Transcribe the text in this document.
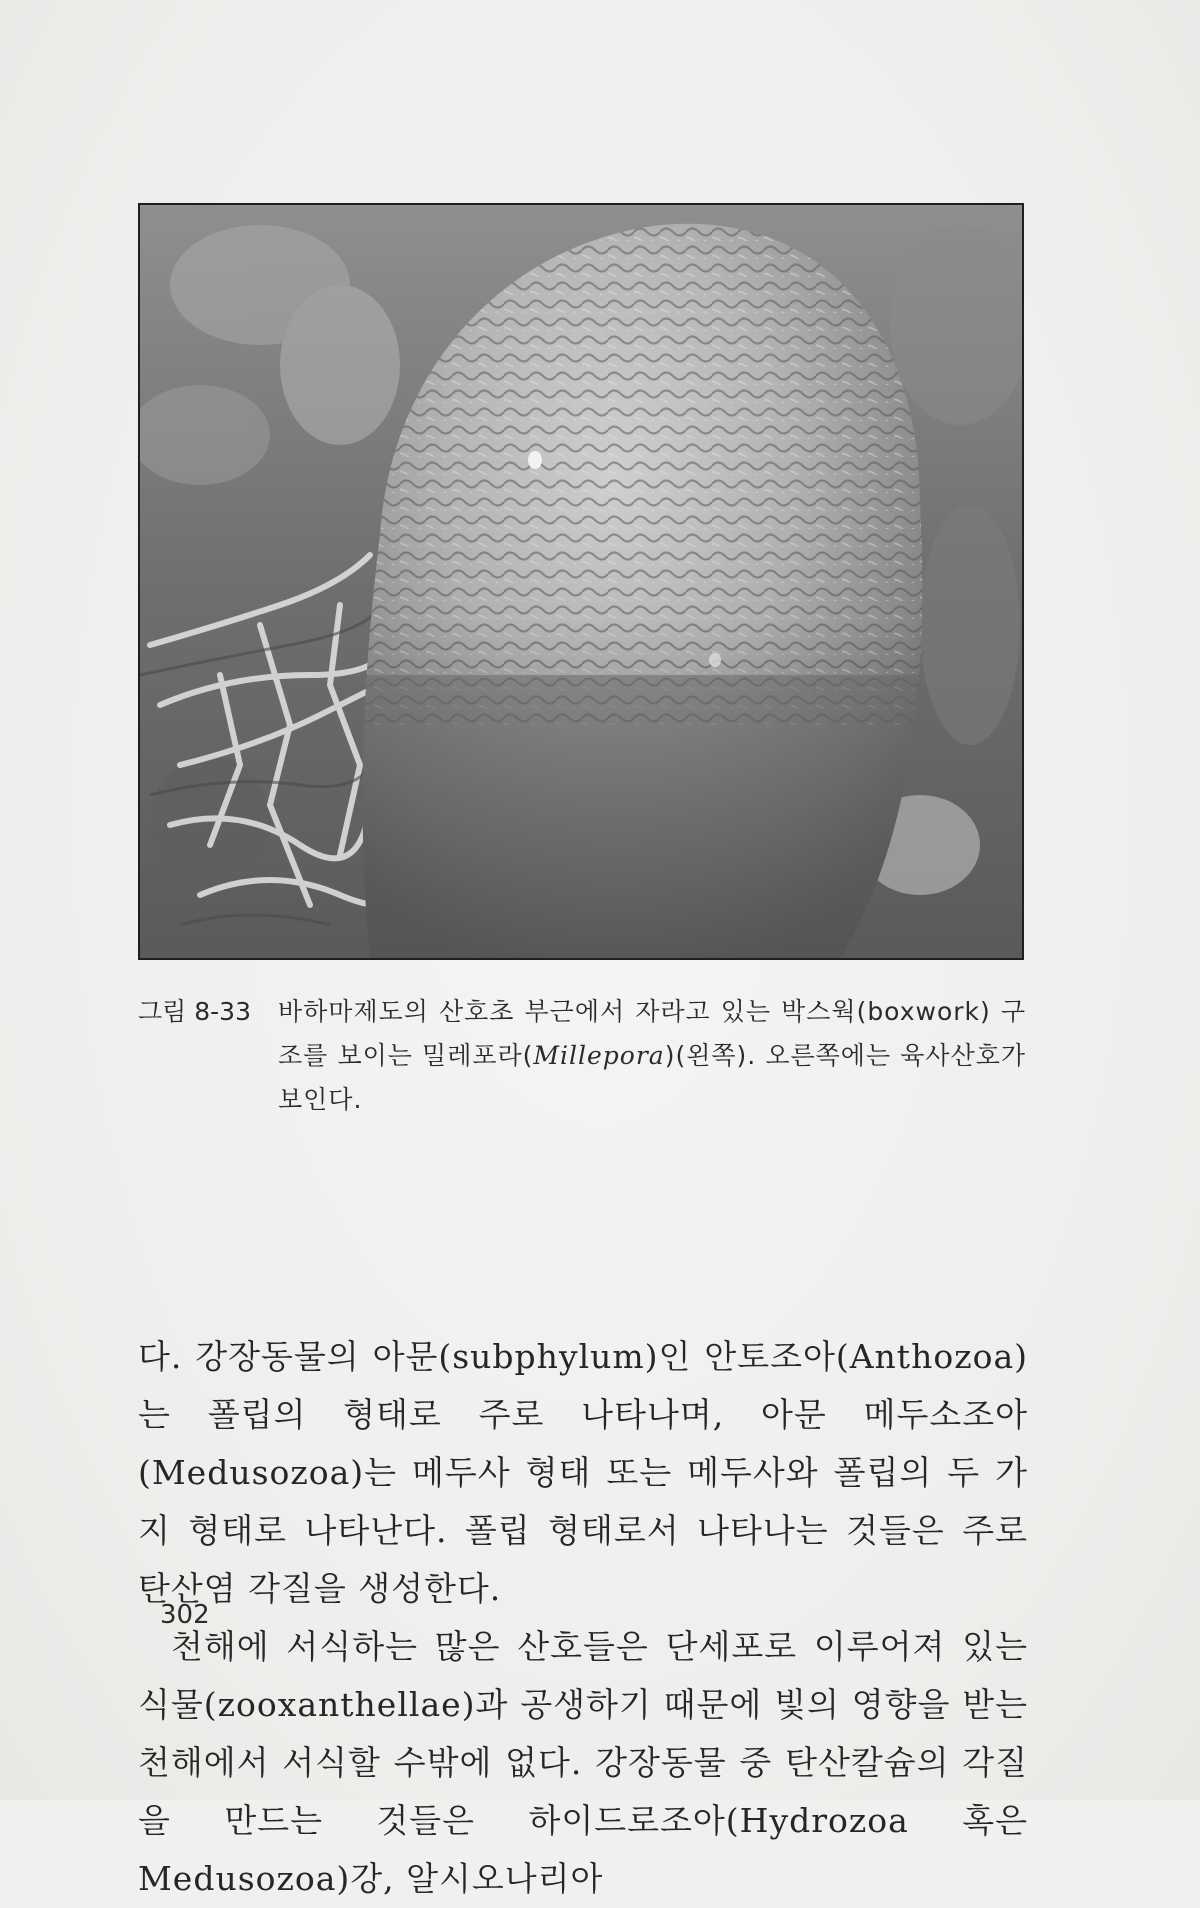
그림 8-33 바하마제도의 산호초 부근에서 자라고 있는 박스웍(boxwork) 구조를 보이는 밀레포라(Millepora)(왼쪽). 오른쪽에는 육사산호가 보인다.

다. 강장동물의 아문(subphylum)인 안토조아(Anthozoa)는 폴립의 형태로 주로 나타나며, 아문 메두소조아(Medusozoa)는 메두사 형태 또는 메두사와 폴립의 두 가지 형태로 나타난다. 폴립 형태로서 나타나는 것들은 주로 탄산염 각질을 생성한다.

천해에 서식하는 많은 산호들은 단세포로 이루어져 있는 식물(zooxanthellae)과 공생하기 때문에 빛의 영향을 받는 천해에서 서식할 수밖에 없다. 강장동물 중 탄산칼슘의 각질을 만드는 것들은 하이드로조아(Hydrozoa 혹은 Medusozoa)강, 알시오나리아

302
